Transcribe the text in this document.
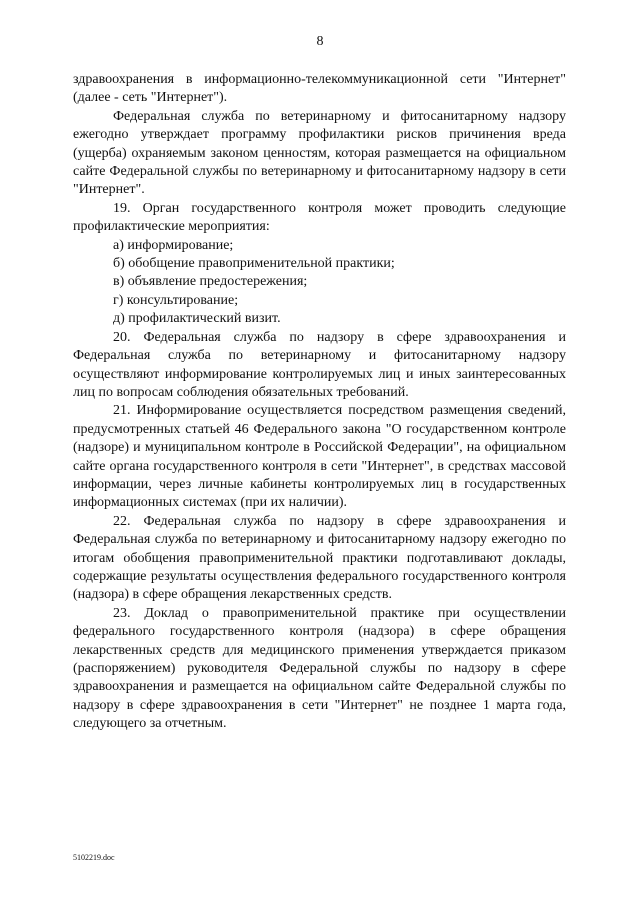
8

здравоохранения в информационно-телекоммуникационной сети "Интернет" (далее - сеть "Интернет").

Федеральная служба по ветеринарному и фитосанитарному надзору ежегодно утверждает программу профилактики рисков причинения вреда (ущерба) охраняемым законом ценностям, которая размещается на официальном сайте Федеральной службы по ветеринарному и фитосанитарному надзору в сети "Интернет".

19. Орган государственного контроля может проводить следующие профилактические мероприятия:

а) информирование;

б) обобщение правоприменительной практики;

в) объявление предостережения;

г) консультирование;

д) профилактический визит.

20. Федеральная служба по надзору в сфере здравоохранения и Федеральная служба по ветеринарному и фитосанитарному надзору осуществляют информирование контролируемых лиц и иных заинтересованных лиц по вопросам соблюдения обязательных требований.

21. Информирование осуществляется посредством размещения сведений, предусмотренных статьей 46 Федерального закона "О государственном контроле (надзоре) и муниципальном контроле в Российской Федерации", на официальном сайте органа государственного контроля в сети "Интернет", в средствах массовой информации, через личные кабинеты контролируемых лиц в государственных информационных системах (при их наличии).

22. Федеральная служба по надзору в сфере здравоохранения и Федеральная служба по ветеринарному и фитосанитарному надзору ежегодно по итогам обобщения правоприменительной практики подготавливают доклады, содержащие результаты осуществления федерального государственного контроля (надзора) в сфере обращения лекарственных средств.

23. Доклад о правоприменительной практике при осуществлении федерального государственного контроля (надзора) в сфере обращения лекарственных средств для медицинского применения утверждается приказом (распоряжением) руководителя Федеральной службы по надзору в сфере здравоохранения и размещается на официальном сайте Федеральной службы по надзору в сфере здравоохранения в сети "Интернет" не позднее 1 марта года, следующего за отчетным.

5102219.doc
